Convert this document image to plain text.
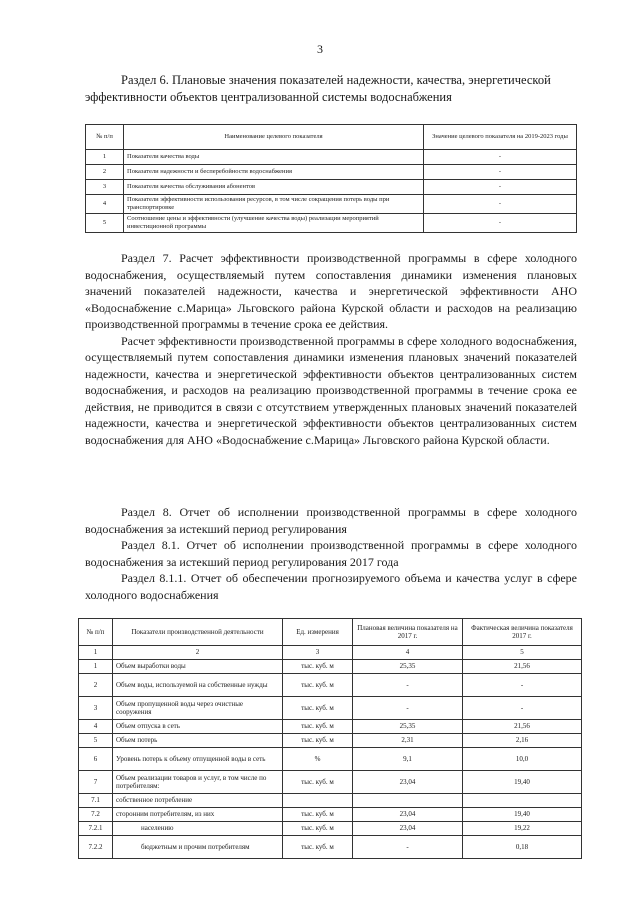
3
Раздел 6. Плановые значения показателей надежности, качества, энергетической эффективности объектов централизованной системы водоснабжения
№ п/п	Наименование целевого показателя	Значение целевого показателя на 2019-2023 годы
1	Показатели качества воды	-
2	Показатели надежности и бесперебойности водоснабжения	-
3	Показатели качества обслуживания абонентов	-
4	Показатели эффективности использования ресурсов, в том числе сокращения потерь воды при транспортировке	-
5	Соотношение цены и эффективности (улучшение качества воды) реализации мероприятий инвестиционной программы	-

Раздел 7. Расчет эффективности производственной программы в сфере холодного водоснабжения, осуществляемый путем сопоставления динамики изменения плановых значений показателей надежности, качества и энергетической эффективности АНО «Водоснабжение с.Марица» Льговского района Курской области и расходов на реализацию производственной программы в течение срока ее действия.

Расчет эффективности производственной программы в сфере холодного водоснабжения, осуществляемый путем сопоставления динамики изменения плановых значений показателей надежности, качества и энергетической эффективности объектов централизованных систем водоснабжения, и расходов на реализацию производственной программы в течение срока ее действия, не приводится в связи с отсутствием утвержденных плановых значений показателей надежности, качества и энергетической эффективности объектов централизованных систем водоснабжения для АНО «Водоснабжение с.Марица» Льговского района Курской области.

Раздел 8. Отчет об исполнении производственной программы в сфере холодного водоснабжения за истекший период регулирования

Раздел 8.1. Отчет об исполнении производственной программы в сфере холодного водоснабжения за истекший период регулирования 2017 года

Раздел 8.1.1. Отчет об обеспечении прогнозируемого объема и качества услуг в сфере холодного водоснабжения

№ п/п	Показатели производственной деятельности	Ед. измерения	Плановая величина показателя на 2017 г.	Фактическая величина показателя 2017 г.
1	2	3	4	5
1	Объем выработки воды	тыс. куб. м	25,35	21,56
2	Объем воды, используемой на собственные нужды	тыс. куб. м	-	-
3	Объем пропущенной воды через очистные сооружения	тыс. куб. м	-	-
4	Объем отпуска в сеть	тыс. куб. м	25,35	21,56
5	Объем потерь	тыс. куб. м	2,31	2,16
6	Уровень потерь к объему отпущенной воды в сеть	%	9,1	10,0
7	Объем реализации товаров и услуг, в том числе по потребителям:	тыс. куб. м	23,04	19,40
7.1	собственное потребление			
7.2	сторонним потребителям, из них	тыс. куб. м	23,04	19,40
7.2.1	населению	тыс. куб. м	23,04	19,22
7.2.2	бюджетным и прочим потребителям	тыс. куб. м	-	0,18
